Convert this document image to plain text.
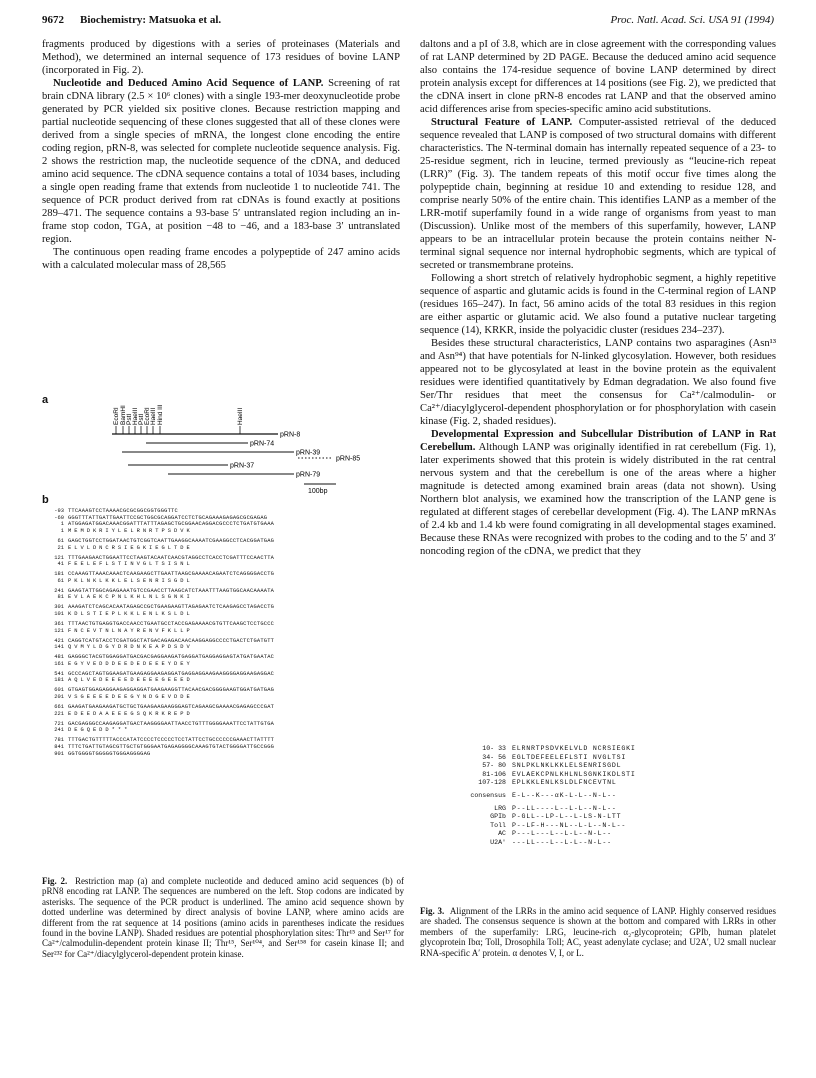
9672 Biochemistry: Matsuoka et al.	Proc. Natl. Acad. Sci. USA 91 (1994)

fragments produced by digestions with a series of proteinases (Materials and Method), we determined an internal sequence of 173 residues of bovine LANP (incorporated in Fig. 2).

Nucleotide and Deduced Amino Acid Sequence of LANP. Screening of rat brain cDNA library (2.5 × 10⁶ clones) with a single 193-mer deoxynucleotide probe generated by PCR yielded six positive clones. Because restriction mapping and partial nucleotide sequencing of these clones suggested that all of these clones were derived from a single species of mRNA, the longest clone encoding the entire coding region, pRN-8, was selected for complete nucleotide sequence analysis. Fig. 2 shows the restriction map, the nucleotide sequence of the cDNA, and deduced amino acid sequence. The cDNA sequence contains a total of 1034 bases, including a single open reading frame that extends from nucleotide 1 to nucleotide 741. The sequence of PCR product derived from rat cDNAs is found exactly at positions 289–471. The sequence contains a 93-base 5′ untranslated region including an in-frame stop codon, TGA, at position −48 to −46, and a 183-base 3′ untranslated region.

The continuous open reading frame encodes a polypeptide of 247 amino acids with a calculated molecular mass of 28,565

a
EcoRI BamHI PstI HaeIII PstI EcoRI HaeIII Hind III	HaeIII
pRN-8
pRN-74
pRN-39
pRN-85
pRN-37
pRN-79
100bp
b
-93 TTCAAAGTCCTAAAACGCGCGGCGGTGGGTTC
-60 GGGTTTATTGATTGAATTCCGCTGGCGCAGGATCCTCTGCAGAAAGAGAGCGCGAGAG
1 ATGGAGATGGACAAACGGATTTATTTAGAGCTGCGGAACAGGACGCCCTCTGATGTGAAA
1 MEMDKRIYLELRNRTPSDVK
61 GAGCTGGTCCTGGATAACTGTCGGTCAATTGAAGGCAAAATCGAAGGCCTCACGGATGAG
21 ELVLDNCRSIEGKIEGLTDE
121 TTTGAAGAACTGGAATTCCTAAGTACAATCAACGTAGGCCTCACCTCGATTTCCAACTTA
41 FEELEFLSTINVGLTSISNL
181 CCAAAGTTAAACAAACTCAAGAAGCTTGAATTAAGCGAAAACAGAATCTCAGGGGACCTG
61 PKLNKLKKLELSENRISGDL
241 GAAGTATTGGCAGAGAAATGTCCGAACCTTAAGCATCTAAATTTAAGTGGCAACAAAATA
81 EVLAEKCPNLKHLNLSGNKI
301 AAAGATCTCAGCACAATAGAGCCGCTGAAGAAGTTAGAGAATCTCAAGAGCCTAGACCTG
101 KDLSTIEPLKKLENLKSLDL
361 TTTAACTGTGAGGTGACCAACCTGAATGCCTACCGAGAAAACGTGTTCAAGCTCCTGCCC
121 FNCEVTNLNAYRENVFKLLP
421 CAGGTCATGTACCTCGATGGCTATGACAGAGACAACAAGGAGGCCCCTGACTCTGATGTT
141 QVMYLDGYDRDNKEAPDSDV
481 GAGGGCTACGTGGAGGATGACGACGAGGAAGATGAGGATGAGGAGGAGTATGATGAATAC
161 EGYVEDDDEEDEDEEEYDEY
541 GCCCAGCTAGTGGAAGATGAAGAGGAAGAGGATGAGGAGGAAGAAGGGGAGGAAGAGGAC
181 AQLVEDEEEEDEEEEGEEED
601 GTGAGTGGAGAGGAAGAGGAGGATGAAGAAGGTTACAACGACGGGGAAGTGGATGATGAG
201 VSGEEEEDEEGYNDGEVDDE
661 GAAGATGAAGAAGATGCTGCTGAAGAAGAAGGGAGTCAGAAGCGAAAACGAGAGCCCGAT
221 EDEEDAAEEEGSQKRKREPD
721 GACGAGGGCCAAGAGGATGACTAAGGGGAATTAACCTGTTTGGGGAAATTCCTATTGTGA
241 DEGQEDD***
781 TTTGACTGTTTTTACCCATATCCCCTCCCCCTCCTATTCCTGCCCCCCGAAACTTATTTT
841 TTTCTGATTGTAGCGTTGCTGTGGGAATGAGAGGGGCAAAGTGTACTGGGGATTGCCGGG
901 GGTGGGGTGGGGGTGGGAGGGGAG
Fig. 2. Restriction map (a) and complete nucleotide and deduced amino acid sequences (b) of pRN8 encoding rat LANP. The sequences are numbered on the left. Stop codons are indicated by asterisks. The sequence of the PCR product is underlined. The amino acid sequence shown by dotted underline was determined by direct analysis of bovine LANP, where amino acids are different from the rat sequence at 14 positions (amino acids in parentheses indicate the residues found in the bovine LANP). Shaded residues are potential phosphorylation sites: Thr¹⁵ and Ser¹⁷ for Ca²⁺/calmodulin-dependent protein kinase II; Thr¹⁵, Ser¹⁰⁴, and Ser¹⁵⁸ for casein kinase II; and Ser²³² for Ca²⁺/diacylglycerol-dependent protein kinase.

daltons and a pI of 3.8, which are in close agreement with the corresponding values of rat LANP determined by 2D PAGE. Because the deduced amino acid sequence also contains the 174-residue sequence of bovine LANP determined by direct protein analysis except for differences at 14 positions (see Fig. 2), we predicted that the cDNA insert in clone pRN-8 encodes rat LANP and that the observed amino acid differences arise from species-specific amino acid substitutions.

Structural Feature of LANP. Computer-assisted retrieval of the deduced sequence revealed that LANP is composed of two structural domains with different characteristics. The N-terminal domain has internally repeated sequence of a 23- to 25-residue segment, rich in leucine, termed previously as “leucine-rich repeat (LRR)” (Fig. 3). The tandem repeats of this motif occur five times along the polypeptide chain, beginning at residue 10 and extending to residue 128, and comprise nearly 50% of the entire chain. This identifies LANP as a member of the LRR-motif superfamily found in a wide range of organisms from yeast to man (Discussion). Unlike most of the members of this superfamily, however, LANP appears to be an intracellular protein because the protein contains neither N-terminal signal sequence nor internal hydrophobic segments, which are typical of secreted or transmembrane proteins.

Following a short stretch of relatively hydrophobic segment, a highly repetitive sequence of aspartic and glutamic acids is found in the C-terminal region of LANP (residues 165–247). In fact, 56 amino acids of the total 83 residues in this region are either aspartic or glutamic acid. We also found a putative nuclear targeting sequence (14), KRKR, inside the polyacidic cluster (residues 234–237).

Besides these structural characteristics, LANP contains two asparagines (Asn¹³ and Asn⁹⁴) that have potentials for N-linked glycosylation. However, both residues appeared not to be glycosylated at least in the bovine protein as the equivalent residues were identified quantitatively by Edman degradation. We also found five Ser/Thr residues that meet the consensus for Ca²⁺/calmodulin- or Ca²⁺/diacylglycerol-dependent phosphorylation or for phosphorylation with casein kinase (Fig. 2, shaded residues).

Developmental Expression and Subcellular Distribution of LANP in Rat Cerebellum. Although LANP was originally identified in rat cerebellum (Fig. 1), later experiments showed that this protein is widely distributed in the rat central nervous system and that the cerebellum is one of the areas where a higher magnitude is detected among examined brain areas (data not shown). Using Northern blot analysis, we examined how the transcription of the LANP gene is regulated at different stages of cerebellar development (Fig. 4). The LANP mRNAs of 2.4 kb and 1.4 kb were found comigrating in all developmental stages examined. Because these RNAs were recognized with probes to the coding and to the 5′ and 3′ noncoding region of the cDNA, we predict that they

10- 33 ELRNRTPSDVKELVLD NCRSIEGKI
34- 56 EGLTDEFEELEFLSTI NVGLTSI
57- 80 SNLPKLNKLKKLELSENRISGDL
81-106 EVLAEKCPNLKHLNLSGNKIKDLSTI
107-128 EPLKKLENLKSLDLFNCEVTNL
consensus E-L--K---αK-L-L--N-L--
LRG P--LL----L--L-L--N-L--
GPIb P-GLL--LP-L--L-LS-N-LTT
Toll P--LF-H---NL--L-L--N-L--
AC P---L---L--L-L--N-L--
U2A' ---LL---L--L-L--N-L--
Fig. 3. Alignment of the LRRs in the amino acid sequence of LANP. Highly conserved residues are shaded. The consensus sequence is shown at the bottom and compared with LRRs in other members of the superfamily: LRG, leucine-rich α₂-glycoprotein; GPIb, human platelet glycoprotein Ibα; Toll, Drosophila Toll; AC, yeast adenylate cyclase; and U2A′, U2 small nuclear RNA-specific A′ protein. α denotes V, I, or L.
